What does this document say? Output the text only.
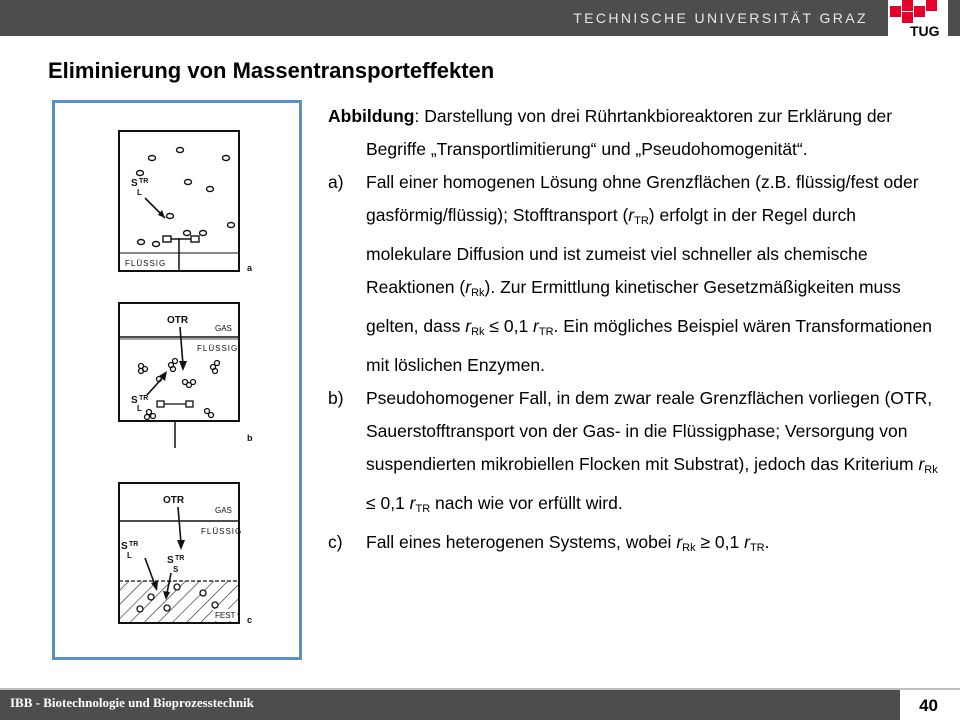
TECHNISCHE UNIVERSITÄT GRAZ
TUG
Eliminierung von Massentransporteffekten
S TR
L
FLÜSSIG	a
OTR
GAS
FLÜSSIG
S TR
L
b
OTR
GAS
FLÜSSIG
S TR
L	S TR
S
FEST c
Abbildung: Darstellung von drei Rührtankbioreaktoren zur Erklärung der Begriffe „Transportlimitierung“ und „Pseudohomogenität“.
a) Fall einer homogenen Lösung ohne Grenzflächen (z.B. flüssig/fest oder gasförmig/flüssig); Stofftransport $(r_{TR})$ erfolgt in der Regel durch molekulare Diffusion und ist zumeist viel schneller als chemische Reaktionen $(r_{Rk})$. Zur Ermittlung kinetischer Gesetzmäßigkeiten muss gelten, dass $r_{Rk} \le 0,1$ $r_{TR}$. Ein mögliches Beispiel wären Transformationen mit löslichen Enzymen.
b) Pseudohomogener Fall, in dem zwar reale Grenzflächen vorliegen (OTR, Sauerstofftransport von der Gas- in die Flüssigphase; Versorgung von suspendierten mikrobiellen Flocken mit Substrat), jedoch das Kriterium $r_{Rk} \le 0,1$ $r_{TR}$ nach wie vor erfüllt wird.
c) Fall eines heterogenen Systems, wobei $r_{Rk} \ge 0,1$ $r_{TR}$.
IBB - Biotechnologie und Bioprozesstechnik	40
